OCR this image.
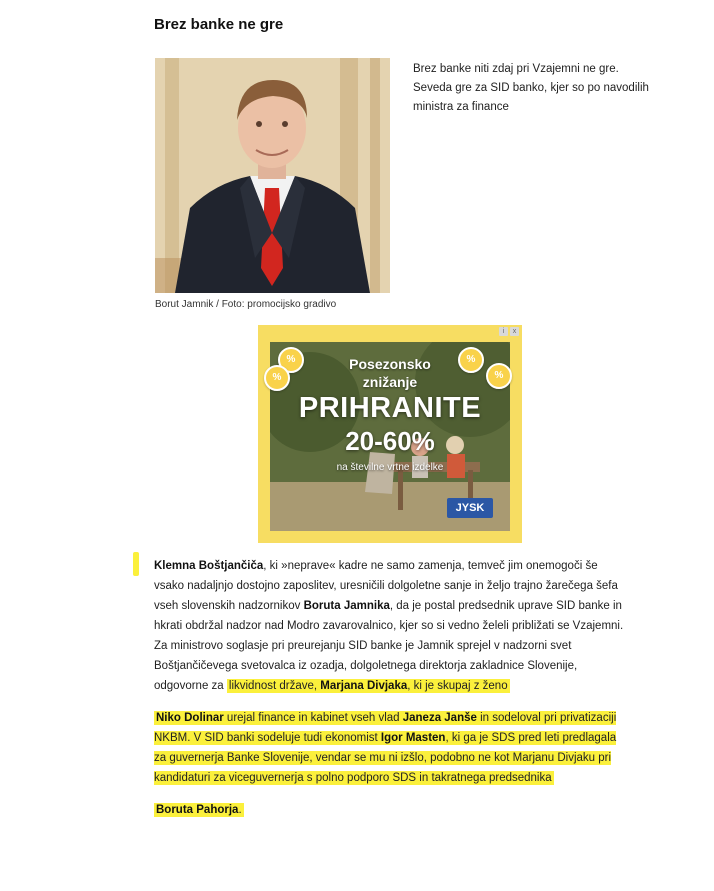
Brez banke ne gre

Brez banke niti zdaj pri Vzajemni ne gre. Seveda gre za SID banko, kjer so po navodilih ministra za finance

Borut Jamnik / Foto: promocijsko gradivo

i	x
%
%
%
%
Posezonsko
znižanje
PRIHRANITE
20-60%
na številne vrtne izdelke
JYSK

Klemna Boštjančiča, ki »neprave« kadre ne samo zamenja, temveč jim onemogoči še vsako nadaljnjo dostojno zaposlitev, uresničili dolgoletne sanje in željo trajno žarečega šefa vseh slovenskih nadzornikov Boruta Jamnika, da je postal predsednik uprave SID banke in hkrati obdržal nadzor nad Modro zavarovalnico, kjer so si vedno želeli približati se Vzajemni. Za ministrovo soglasje pri preurejanju SID banke je Jamnik sprejel v nadzorni svet Boštjančičevega svetovalca iz ozadja, dolgoletnega direktorja zakladnice Slovenije, odgovorne za likvidnost države, Marjana Divjaka, ki je skupaj z ženo

Niko Dolinar urejal finance in kabinet vseh vlad Janeza Janše in sodeloval pri privatizaciji NKBM. V SID banki sodeluje tudi ekonomist Igor Masten, ki ga je SDS pred leti predlagala za guvernerja Banke Slovenije, vendar se mu ni izšlo, podobno ne kot Marjanu Divjaku pri kandidaturi za viceguvernerja s polno podporo SDS in takratnega predsednika

Boruta Pahorja.
